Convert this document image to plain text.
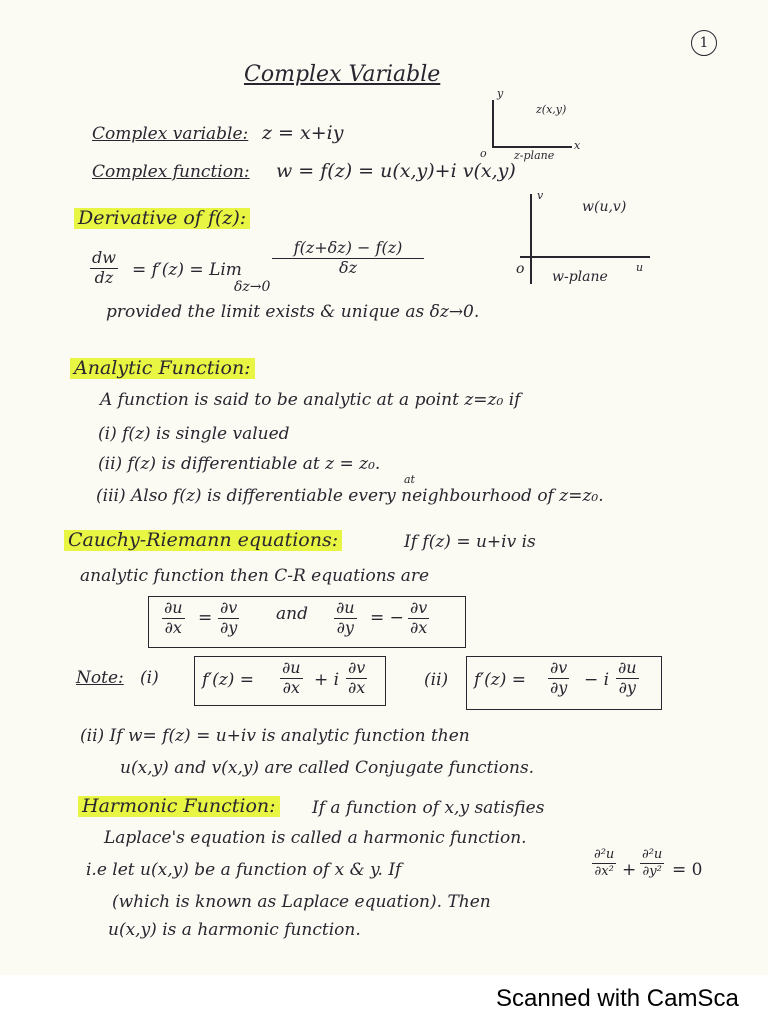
1
Complex Variable
Complex variable: z = x+iy
Complex function: w = f(z) = u(x,y)+i v(x,y)
y
x
o
z(x,y)
z-plane
Derivative of f(z):
v
u
o
w(u,v)
w-plane
$\frac{dw}{dz} = f'(z)$ = Lim
δz→0
$\frac{f(z+\delta z) - f(z)}{\delta z}$
provided the limit exists & unique as δz→0.
Analytic Function:
A function is said to be analytic at a point z=z₀ if
(i) f(z) is single valued
(ii) f(z) is differentiable at z = z₀.
at
(iii) Also f(z) is differentiable every neighbourhood of z=z₀.
Cauchy-Riemann equations:	If f(z) = u+iv is
analytic function then C-R equations are
$\frac{\partial u}{\partial x} = \frac{\partial v}{\partial y}$ and $\frac{\partial u}{\partial y}$ = − $\frac{\partial v}{\partial x}$
Note: (i)	$f'(z) = \frac{\partial u}{\partial x} + i \frac{\partial v}{\partial x}$	(ii) $f'(z) = \frac{\partial v}{\partial y} - i \frac{\partial u}{\partial y}$
(ii) If w= f(z) = u+iv is analytic function then
u(x,y) and v(x,y) are called Conjugate functions.
Harmonic Function: If a function of x,y satisfies
Laplace's equation is called a harmonic function.
i.e let u(x,y) be a function of x & y. If	$\frac{\text{∂²u}}{\text{∂x²}} + \frac{\text{∂²u}}{\text{∂y²}} = 0$
(which is known as Laplace equation). Then
u(x,y) is a harmonic function.
Scanned with CamSca
